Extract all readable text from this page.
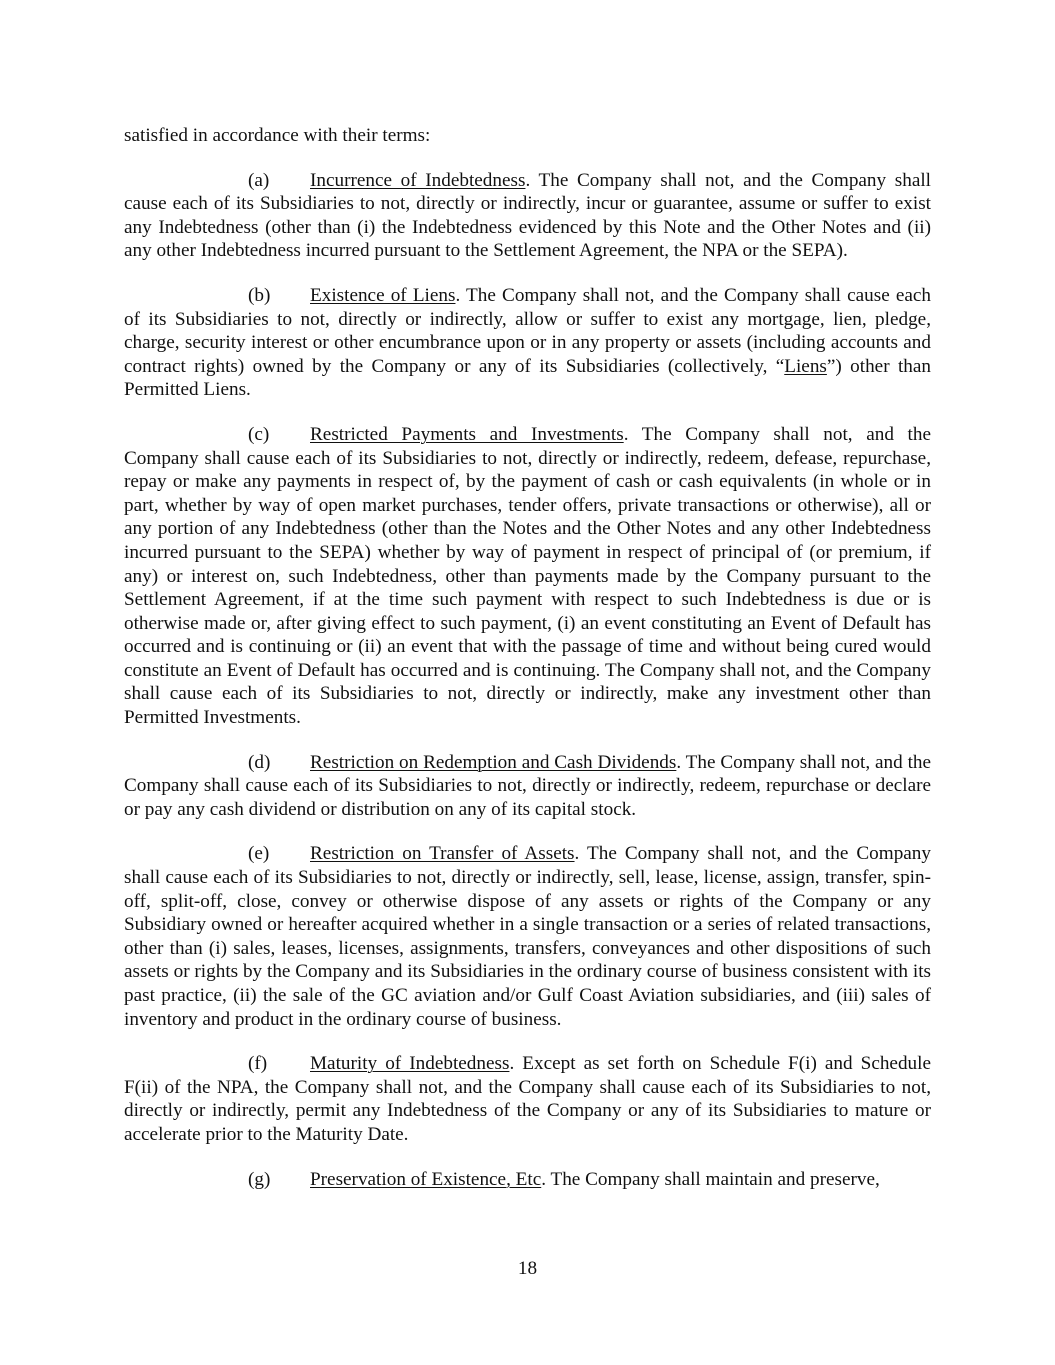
satisfied in accordance with their terms:

(a) Incurrence of Indebtedness. The Company shall not, and the Company shall cause each of its Subsidiaries to not, directly or indirectly, incur or guarantee, assume or suffer to exist any Indebtedness (other than (i) the Indebtedness evidenced by this Note and the Other Notes and (ii) any other Indebtedness incurred pursuant to the Settlement Agreement, the NPA or the SEPA).

(b) Existence of Liens. The Company shall not, and the Company shall cause each of its Subsidiaries to not, directly or indirectly, allow or suffer to exist any mortgage, lien, pledge, charge, security interest or other encumbrance upon or in any property or assets (including accounts and contract rights) owned by the Company or any of its Subsidiaries (collectively, “Liens”) other than Permitted Liens.

(c) Restricted Payments and Investments. The Company shall not, and the Company shall cause each of its Subsidiaries to not, directly or indirectly, redeem, defease, repurchase, repay or make any payments in respect of, by the payment of cash or cash equivalents (in whole or in part, whether by way of open market purchases, tender offers, private transactions or otherwise), all or any portion of any Indebtedness (other than the Notes and the Other Notes and any other Indebtedness incurred pursuant to the SEPA) whether by way of payment in respect of principal of (or premium, if any) or interest on, such Indebtedness, other than payments made by the Company pursuant to the Settlement Agreement, if at the time such payment with respect to such Indebtedness is due or is otherwise made or, after giving effect to such payment, (i) an event constituting an Event of Default has occurred and is continuing or (ii) an event that with the passage of time and without being cured would constitute an Event of Default has occurred and is continuing. The Company shall not, and the Company shall cause each of its Subsidiaries to not, directly or indirectly, make any investment other than Permitted Investments.

(d) Restriction on Redemption and Cash Dividends. The Company shall not, and the Company shall cause each of its Subsidiaries to not, directly or indirectly, redeem, repurchase or declare or pay any cash dividend or distribution on any of its capital stock.

(e) Restriction on Transfer of Assets. The Company shall not, and the Company shall cause each of its Subsidiaries to not, directly or indirectly, sell, lease, license, assign, transfer, spin-off, split-off, close, convey or otherwise dispose of any assets or rights of the Company or any Subsidiary owned or hereafter acquired whether in a single transaction or a series of related transactions, other than (i) sales, leases, licenses, assignments, transfers, conveyances and other dispositions of such assets or rights by the Company and its Subsidiaries in the ordinary course of business consistent with its past practice, (ii) the sale of the GC aviation and/or Gulf Coast Aviation subsidiaries, and (iii) sales of inventory and product in the ordinary course of business.

(f) Maturity of Indebtedness. Except as set forth on Schedule F(i) and Schedule F(ii) of the NPA, the Company shall not, and the Company shall cause each of its Subsidiaries to not, directly or indirectly, permit any Indebtedness of the Company or any of its Subsidiaries to mature or accelerate prior to the Maturity Date.

(g) Preservation of Existence, Etc. The Company shall maintain and preserve,

18
